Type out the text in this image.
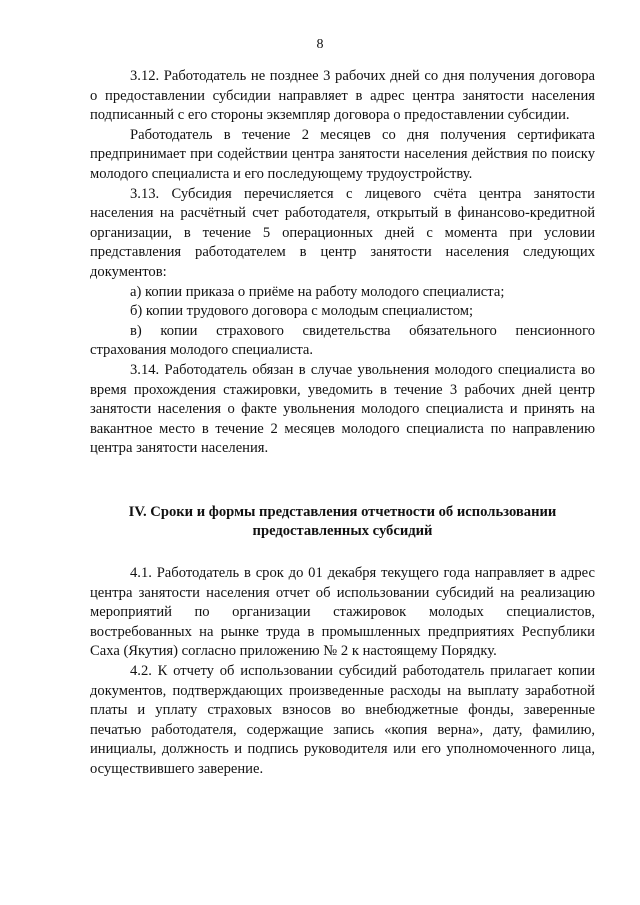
8

3.12. Работодатель не позднее 3 рабочих дней со дня получения договора о предоставлении субсидии направляет в адрес центра занятости населения подписанный с его стороны экземпляр договора о предоставлении субсидии.

Работодатель в течение 2 месяцев со дня получения сертификата предпринимает при содействии центра занятости населения действия по поиску молодого специалиста и его последующему трудоустройству.

3.13. Субсидия перечисляется с лицевого счёта центра занятости населения на расчётный счет работодателя, открытый в финансово-кредитной организации, в течение 5 операционных дней с момента при условии представления работодателем в центр занятости населения следующих документов:

а) копии приказа о приёме на работу молодого специалиста;

б) копии трудового договора с молодым специалистом;

в) копии страхового свидетельства обязательного пенсионного страхования молодого специалиста.

3.14. Работодатель обязан в случае увольнения молодого специалиста во время прохождения стажировки, уведомить в течение 3 рабочих дней центр занятости населения о факте увольнения молодого специалиста и принять на вакантное место в течение 2 месяцев молодого специалиста по направлению центра занятости населения.

IV. Сроки и формы представления отчетности об использовании
предоставленных субсидий

4.1. Работодатель в срок до 01 декабря текущего года направляет в адрес центра занятости населения отчет об использовании субсидий на реализацию мероприятий по организации стажировок молодых специалистов, востребованных на рынке труда в промышленных предприятиях Республики Саха (Якутия) согласно приложению № 2 к настоящему Порядку.

4.2. К отчету об использовании субсидий работодатель прилагает копии документов, подтверждающих произведенные расходы на выплату заработной платы и уплату страховых взносов во внебюджетные фонды, заверенные печатью работодателя, содержащие запись «копия верна», дату, фамилию, инициалы, должность и подпись руководителя или его уполномоченного лица, осуществившего заверение.
